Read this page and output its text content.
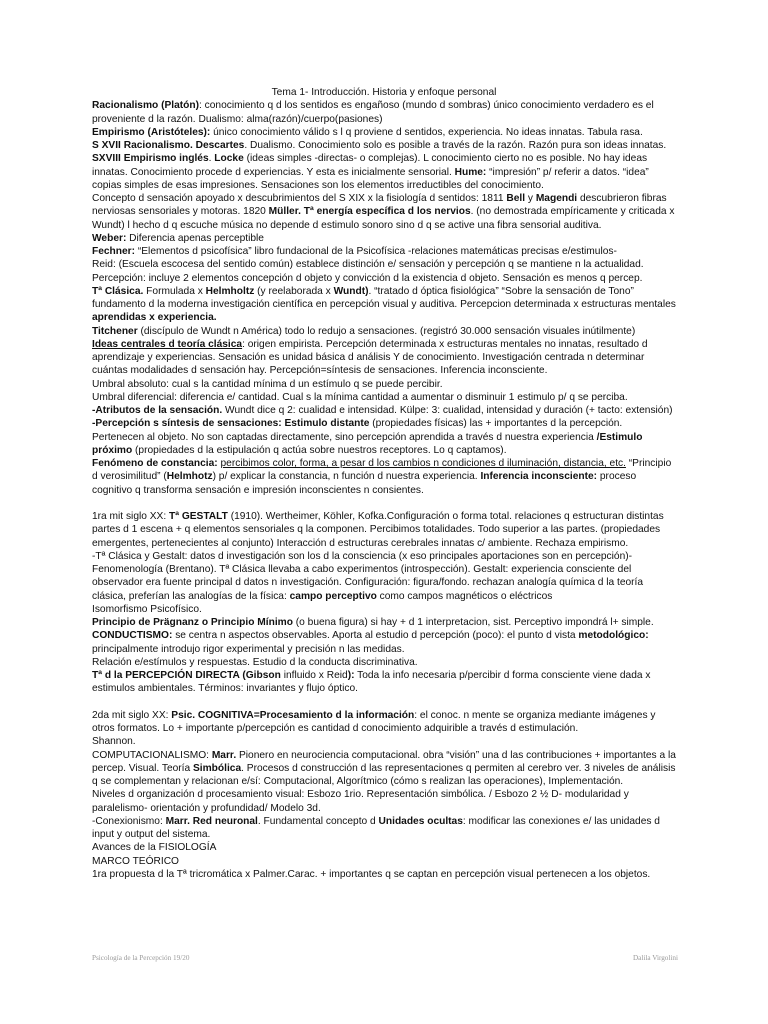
Tema 1- Introducción. Historia y enfoque personal

Racionalismo (Platón): conocimiento q d los sentidos es engañoso (mundo d sombras) único conocimiento verdadero es el proveniente d la razón. Dualismo: alma(razón)/cuerpo(pasiones)

Empirismo (Aristóteles): único conocimiento válido s l q proviene d sentidos, experiencia. No ideas innatas. Tabula rasa.

S XVII Racionalismo. Descartes. Dualismo. Conocimiento solo es posible a través de la razón. Razón pura son ideas innatas.

SXVIII Empirismo inglés. Locke (ideas simples -directas- o complejas). L conocimiento cierto no es posible. No hay ideas innatas. Conocimiento procede d experiencias. Y esta es inicialmente sensorial. Hume: “impresión” p/ referir a datos. “idea” copias simples de esas impresiones. Sensaciones son los elementos irreductibles del conocimiento.

Concepto d sensación apoyado x descubrimientos del S XIX x la fisiología d sentidos: 1811 Bell y Magendi descubrieron fibras nerviosas sensoriales y motoras. 1820 Müller. Tª energía específica d los nervios. (no demostrada empíricamente y criticada x Wundt) l hecho d q escuche música no depende d estimulo sonoro sino d q se active una fibra sensorial auditiva.

Weber: Diferencia apenas perceptible

Fechner: “Elementos d psicofísica” libro fundacional de la Psicofísica -relaciones matemáticas precisas e/estimulos-

Reid: (Escuela escocesa del sentido común) establece distinción e/ sensación y percepción q se mantiene n la actualidad. Percepción: incluye 2 elementos concepción d objeto y convicción d la existencia d objeto. Sensación es menos q percep.

Tª Clásica. Formulada x Helmholtz (y reelaborada x Wundt). “tratado d óptica fisiológica” “Sobre la sensación de Tono” fundamento d la moderna investigación científica en percepción visual y auditiva. Percepcion determinada x estructuras mentales aprendidas x experiencia.

Titchener (discípulo de Wundt n América) todo lo redujo a sensaciones. (registró 30.000 sensación visuales inútilmente)

Ideas centrales d teoría clásica: origen empirista. Percepción determinada x estructuras mentales no innatas, resultado d aprendizaje y experiencias. Sensación es unidad básica d análisis Y de conocimiento. Investigación centrada n determinar cuántas modalidades d sensación hay. Percepción=síntesis de sensaciones. Inferencia inconsciente.

Umbral absoluto: cual s la cantidad mínima d un estímulo q se puede percibir.

Umbral diferencial: diferencia e/ cantidad. Cual s la mínima cantidad a aumentar o disminuir 1 estimulo p/ q se perciba.

-Atributos de la sensación. Wundt dice q 2: cualidad e intensidad. Külpe: 3: cualidad, intensidad y duración (+ tacto: extensión)

-Percepción s síntesis de sensaciones: Estimulo distante (propiedades físicas) las + importantes d la percepción. Pertenecen al objeto. No son captadas directamente, sino percepción aprendida a través d nuestra experiencia /Estimulo próximo (propiedades d la estipulación q actúa sobre nuestros receptores. Lo q captamos).

Fenómeno de constancia: percibimos color, forma, a pesar d los cambios n condiciones d iluminación, distancia, etc. “Principio d verosimilitud” (Helmhotz) p/ explicar la constancia, n función d nuestra experiencia. Inferencia inconsciente: proceso cognitivo q transforma sensación e impresión inconscientes n consientes.

1ra mit siglo XX: Tª GESTALT (1910). Wertheimer, Köhler, Kofka.Configuración o forma total. relaciones q estructuran distintas partes d 1 escena + q elementos sensoriales q la componen. Percibimos totalidades. Todo superior a las partes. (propiedades emergentes, pertenecientes al conjunto) Interacción d estructuras cerebrales innatas c/ ambiente. Rechaza empirismo.

-Tª Clásica y Gestalt: datos d investigación son los d la consciencia (x eso principales aportaciones son en percepción)- Fenomenología (Brentano). Tª Clásica llevaba a cabo experimentos (introspección). Gestalt: experiencia consciente del observador era fuente principal d datos n investigación. Configuración: figura/fondo. rechazan analogía química d la teoría clásica, preferían las analogías de la física: campo perceptivo como campos magnéticos o eléctricos

Isomorfismo Psicofísico.

Principio de Prägnanz o Principio Mínimo (o buena figura) si hay + d 1 interpretacion, sist. Perceptivo impondrá l+ simple.

CONDUCTISMO: se centra n aspectos observables. Aporta al estudio d percepción (poco): el punto d vista metodológico: principalmente introdujo rigor experimental y precisión n las medidas.

Relación e/estímulos y respuestas. Estudio d la conducta discriminativa.

Tª d la PERCEPCIÓN DIRECTA (Gibson influido x Reid): Toda la info necesaria p/percibir d forma consciente viene dada x estimulos ambientales. Términos: invariantes y flujo óptico.

2da mit siglo XX: Psic. COGNITIVA=Procesamiento d la información: el conoc. n mente se organiza mediante imágenes y otros formatos. Lo + importante p/percepción es cantidad d conocimiento adquirible a través d estimulación.

Shannon.

COMPUTACIONALISMO: Marr. Pionero en neurociencia computacional. obra “visión” una d las contribuciones + importantes a la percep. Visual. Teoría Simbólica. Procesos d construcción d las representaciones q permiten al cerebro ver. 3 niveles de análisis q se complementan y relacionan e/sí: Computacional, Algorítmico (cómo s realizan las operaciones), Implementación.

Niveles d organización d procesamiento visual: Esbozo 1rio. Representación simbólica. / Esbozo 2 ½ D- modularidad y paralelismo- orientación y profundidad/ Modelo 3d.

-Conexionismo: Marr. Red neuronal. Fundamental concepto d Unidades ocultas: modificar las conexiones e/ las unidades d input y output del sistema.

Avances de la FISIOLOGÍA

MARCO TEÓRICO

1ra propuesta d la Tª tricromática x Palmer.Carac. + importantes q se captan en percepción visual pertenecen a los objetos.

Psicología de la Percepción 19/20	Dalila Virgolini
